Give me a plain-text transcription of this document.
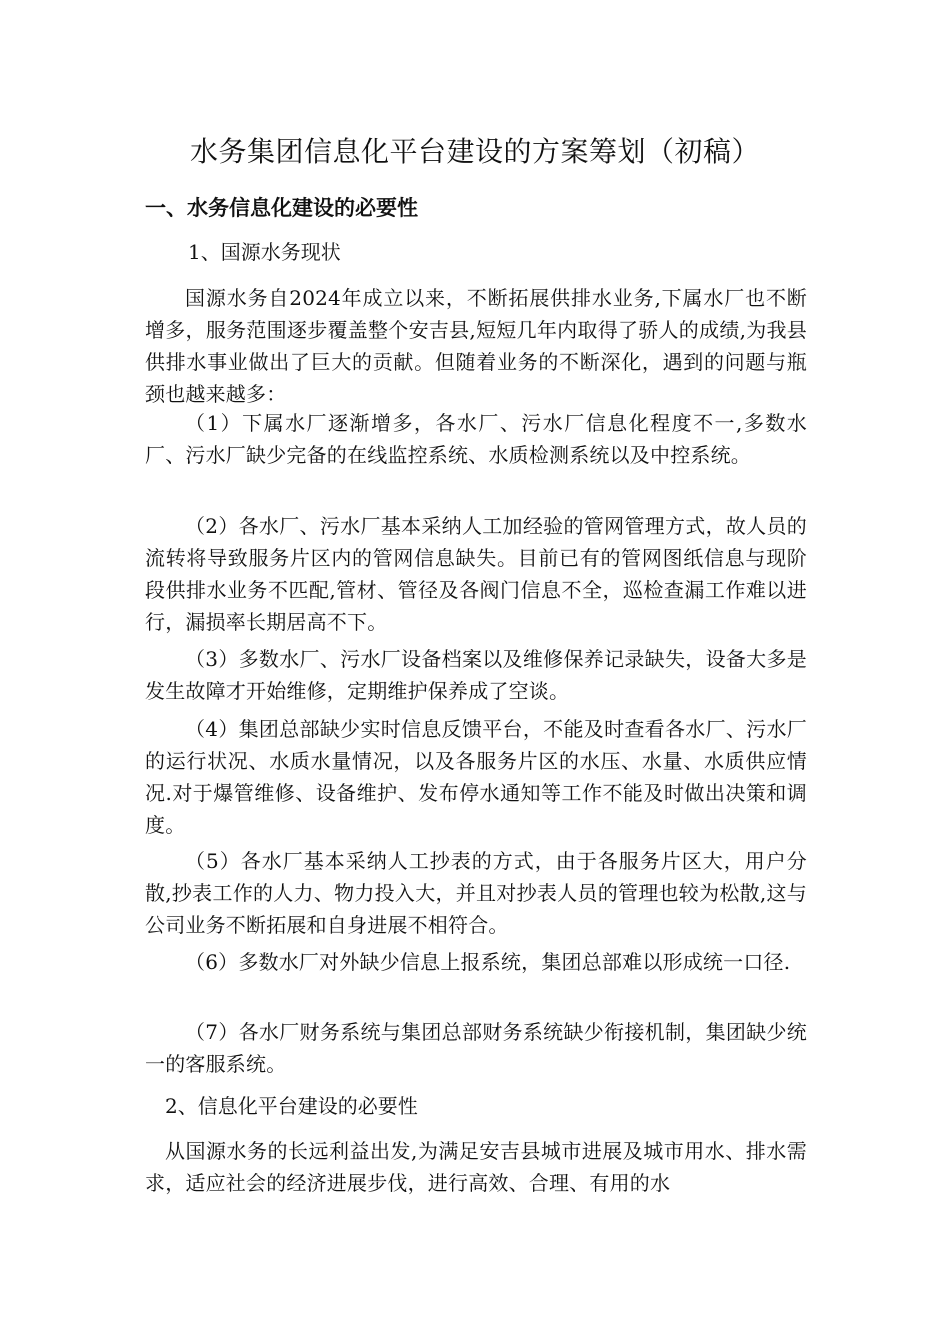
水务集团信息化平台建设的方案筹划（初稿）
一、水务信息化建设的必要性
1、国源水务现状

国源水务自2024年成立以来，不断拓展供排水业务,下属水厂也不断增多，服务范围逐步覆盖整个安吉县,短短几年内取得了骄人的成绩,为我县供排水事业做出了巨大的贡献。但随着业务的不断深化，遇到的问题与瓶颈也越来越多：

（1）下属水厂逐渐增多，各水厂、污水厂信息化程度不一,多数水厂、污水厂缺少完备的在线监控系统、水质检测系统以及中控系统。

（2）各水厂、污水厂基本采纳人工加经验的管网管理方式，故人员的流转将导致服务片区内的管网信息缺失。目前已有的管网图纸信息与现阶段供排水业务不匹配,管材、管径及各阀门信息不全，巡检查漏工作难以进行，漏损率长期居高不下。

（3）多数水厂、污水厂设备档案以及维修保养记录缺失，设备大多是发生故障才开始维修，定期维护保养成了空谈。

（4）集团总部缺少实时信息反馈平台，不能及时查看各水厂、污水厂的运行状况、水质水量情况，以及各服务片区的水压、水量、水质供应情况.对于爆管维修、设备维护、发布停水通知等工作不能及时做出决策和调度。

（5）各水厂基本采纳人工抄表的方式，由于各服务片区大，用户分散,抄表工作的人力、物力投入大，并且对抄表人员的管理也较为松散,这与公司业务不断拓展和自身进展不相符合。

（6）多数水厂对外缺少信息上报系统，集团总部难以形成统一口径.

（7）各水厂财务系统与集团总部财务系统缺少衔接机制，集团缺少统一的客服系统。

2、信息化平台建设的必要性

从国源水务的长远利益出发,为满足安吉县城市进展及城市用水、排水需求，适应社会的经济进展步伐，进行高效、合理、有用的水
